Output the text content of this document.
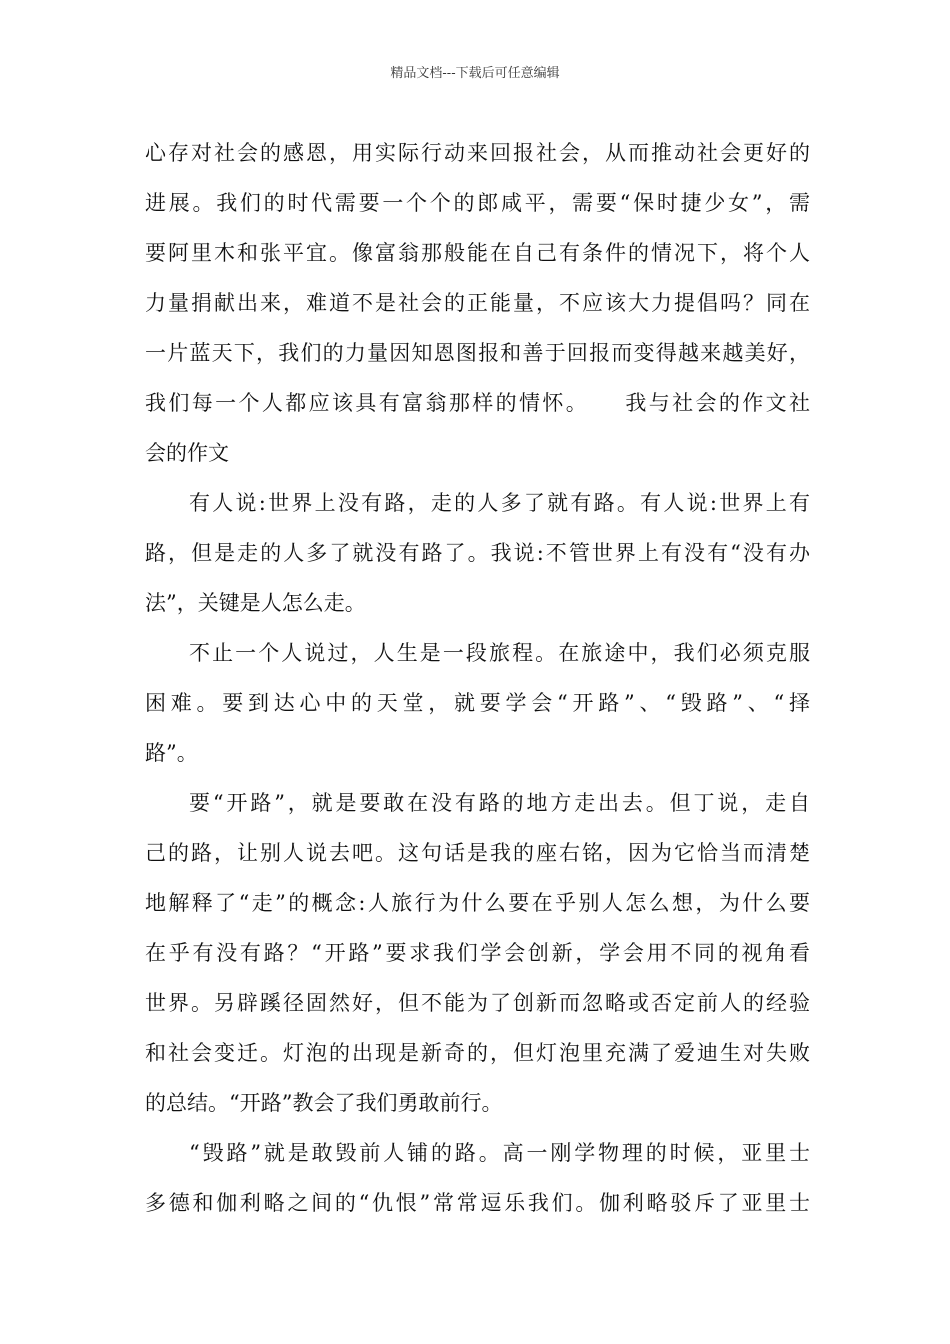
精品文档---下载后可任意编辑
心存对社会的感恩，用实际行动来回报社会，从而推动社会更好的
进展。我们的时代需要一个个的郎咸平，需要“保时捷少女”，需
要阿里木和张平宜。像富翁那般能在自己有条件的情况下，将个人
力量捐献出来，难道不是社会的正能量，不应该大力提倡吗？同在
一片蓝天下，我们的力量因知恩图报和善于回报而变得越来越美好，
我们每一个人都应该具有富翁那样的情怀。　　我与社会的作文社
会的作文
有人说:世界上没有路，走的人多了就有路。有人说:世界上有
路，但是走的人多了就没有路了。我说:不管世界上有没有“没有办
法”，关键是人怎么走。
不止一个人说过，人生是一段旅程。在旅途中，我们必须克服
困难。要到达心中的天堂，就要学会“开路”、“毁路”、“择
路”。
要“开路”，就是要敢在没有路的地方走出去。但丁说，走自
己的路，让别人说去吧。这句话是我的座右铭，因为它恰当而清楚
地解释了“走”的概念:人旅行为什么要在乎别人怎么想，为什么要
在乎有没有路？“开路”要求我们学会创新，学会用不同的视角看
世界。另辟蹊径固然好，但不能为了创新而忽略或否定前人的经验
和社会变迁。灯泡的出现是新奇的，但灯泡里充满了爱迪生对失败
的总结。“开路”教会了我们勇敢前行。
“毁路”就是敢毁前人铺的路。高一刚学物理的时候，亚里士
多德和伽利略之间的“仇恨”常常逗乐我们。伽利略驳斥了亚里士
